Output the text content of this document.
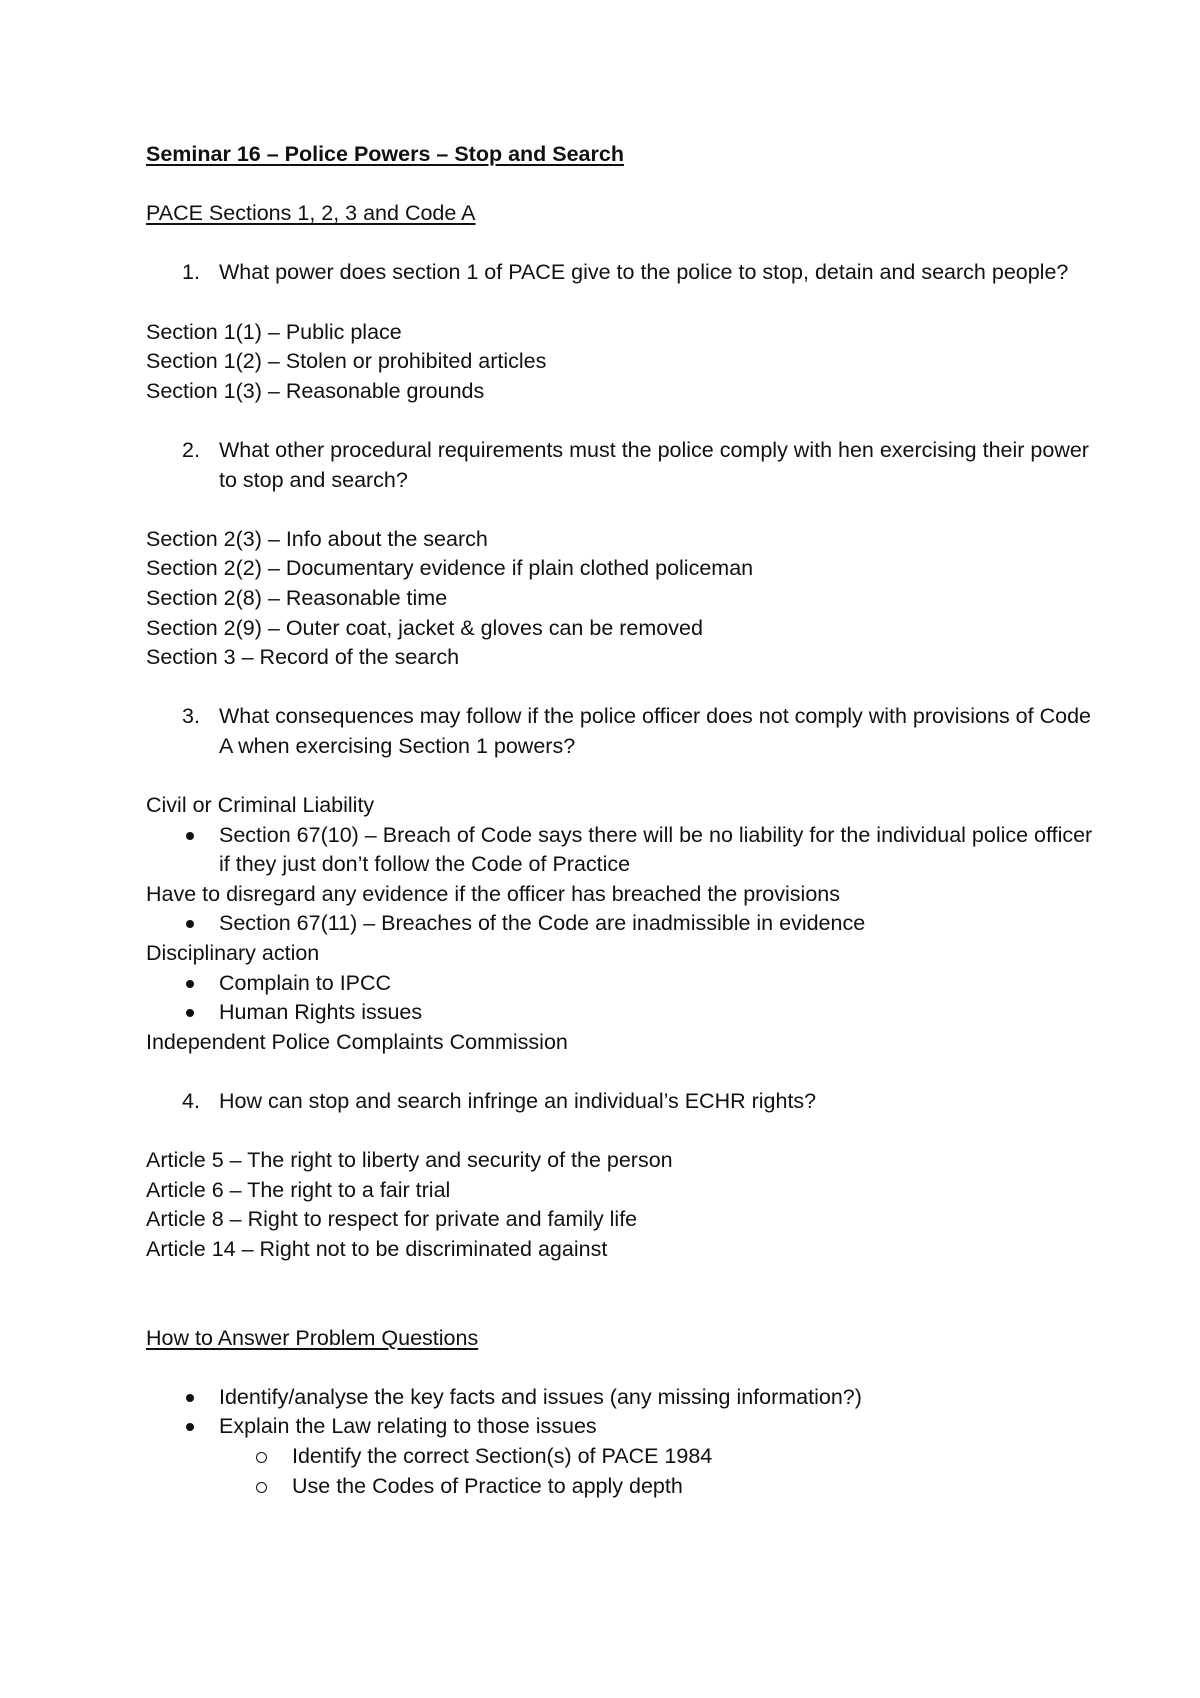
Seminar 16 – Police Powers – Stop and Search
PACE Sections 1, 2, 3 and Code A
1. What power does section 1 of PACE give to the police to stop, detain and search people?
Section 1(1) – Public place
Section 1(2) – Stolen or prohibited articles
Section 1(3) – Reasonable grounds
2. What other procedural requirements must the police comply with hen exercising their power to stop and search?
Section 2(3) – Info about the search
Section 2(2) – Documentary evidence if plain clothed policeman
Section 2(8) – Reasonable time
Section 2(9) – Outer coat, jacket & gloves can be removed
Section 3 – Record of the search
3. What consequences may follow if the police officer does not comply with provisions of Code A when exercising Section 1 powers?
Civil or Criminal Liability
Section 67(10) – Breach of Code says there will be no liability for the individual police officer if they just don’t follow the Code of Practice
Have to disregard any evidence if the officer has breached the provisions
Section 67(11) – Breaches of the Code are inadmissible in evidence
Disciplinary action
Complain to IPCC
Human Rights issues
Independent Police Complaints Commission
4. How can stop and search infringe an individual’s ECHR rights?
Article 5 – The right to liberty and security of the person
Article 6 – The right to a fair trial
Article 8 – Right to respect for private and family life
Article 14 – Right not to be discriminated against
How to Answer Problem Questions
Identify/analyse the key facts and issues (any missing information?)
Explain the Law relating to those issues
Identify the correct Section(s) of PACE 1984
Use the Codes of Practice to apply depth
